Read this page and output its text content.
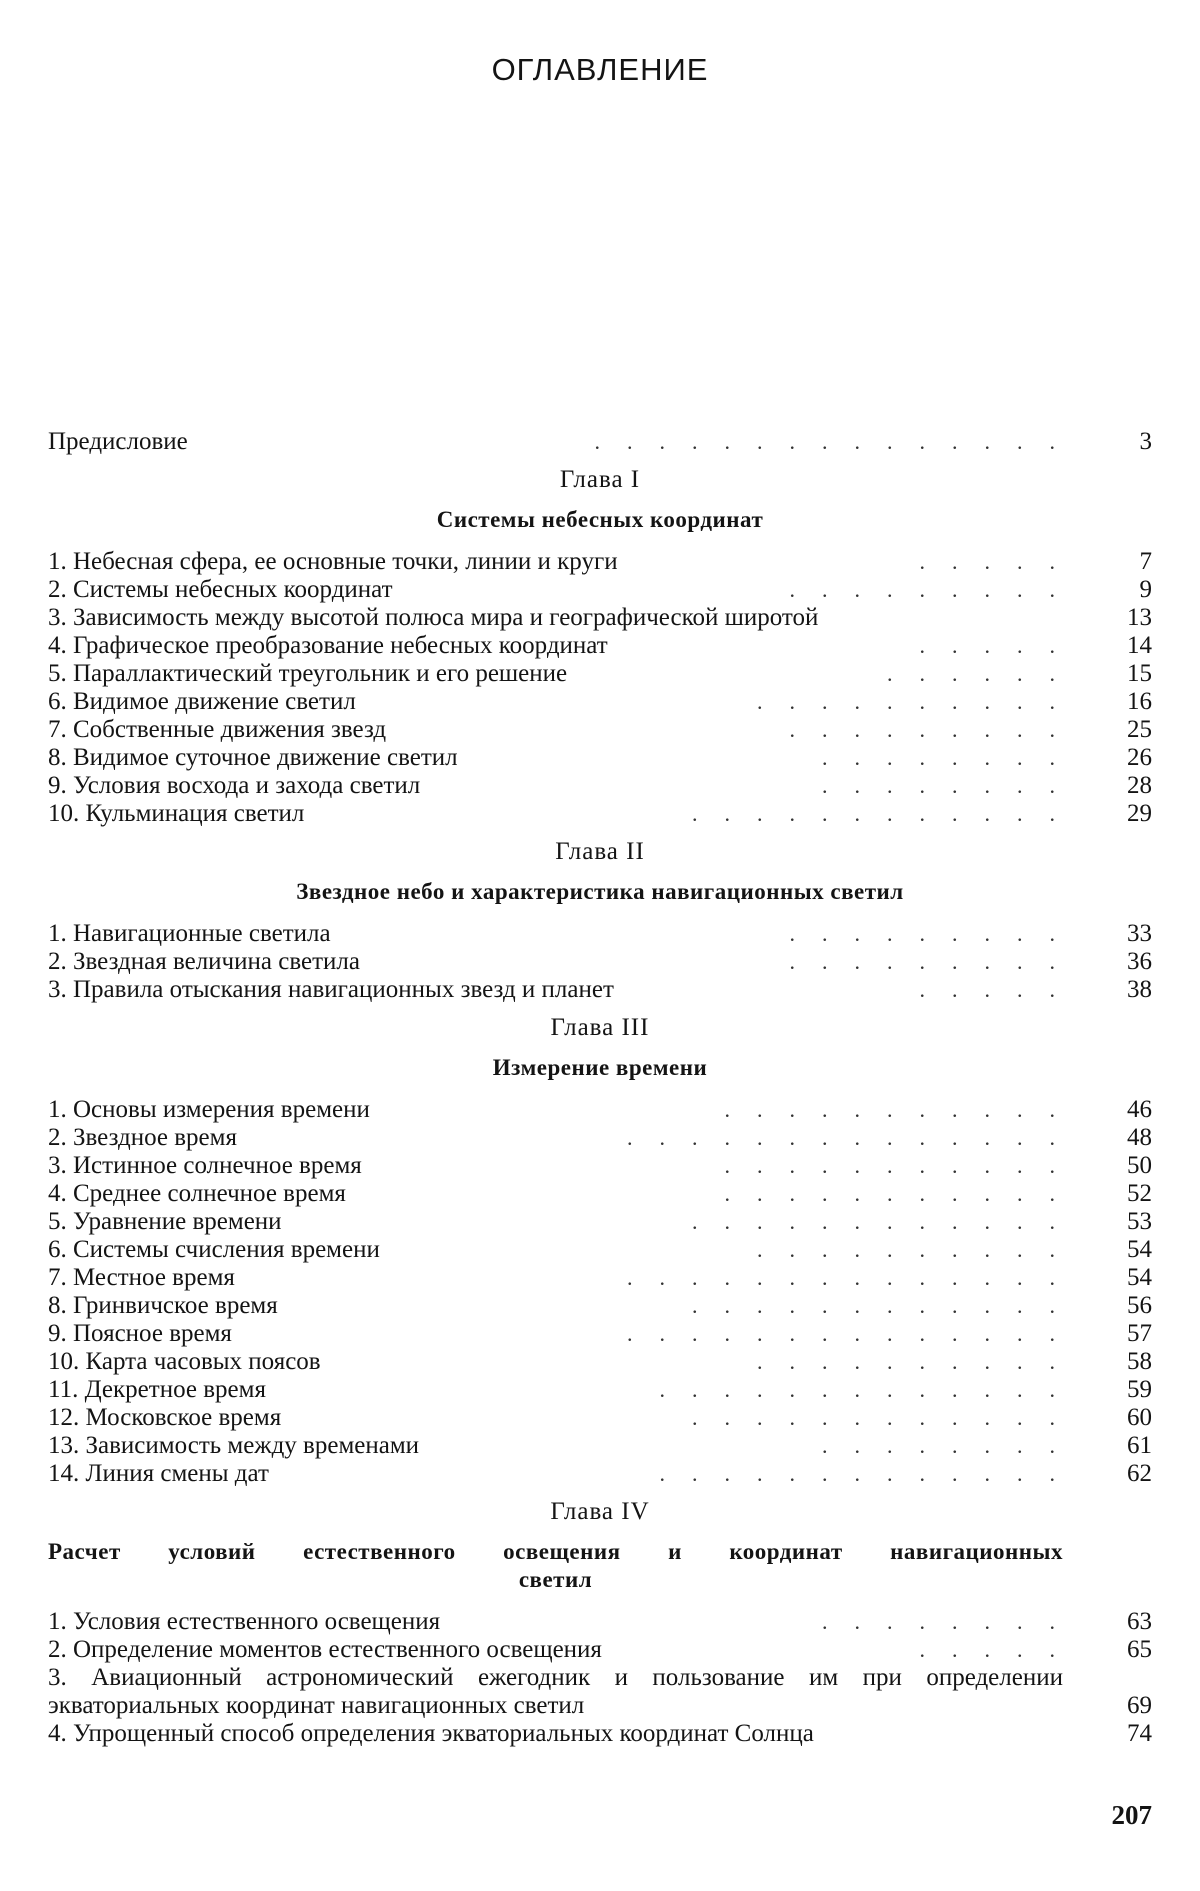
ОГЛАВЛЕНИЕ
Предисловие	...............	3
Глава I
Системы небесных координат
1. Небесная сфера, ее основные точки, линии и круги	.....	7
2. Системы небесных координат	.........	9
3. Зависимость между высотой полюса мира и географической широтой	13
4. Графическое преобразование небесных координат	.....	14
5. Параллактический треугольник и его решение	......	15
6. Видимое движение светил	..........	16
7. Собственные движения звезд	.........	25
8. Видимое суточное движение светил	........	26
9. Условия восхода и захода светил	........	28
10. Кульминация светил	............	29
Глава II
Звездное небо и характеристика навигационных светил
1. Навигационные светила	.........	33
2. Звездная величина светила	.........	36
3. Правила отыскания навигационных звезд и планет	.....	38
Глава III
Измерение времени
1. Основы измерения времени	...........	46
2. Звездное время	..............	48
3. Истинное солнечное время	...........	50
4. Среднее солнечное время	...........	52
5. Уравнение времени	............	53
6. Системы счисления времени	..........	54
7. Местное время	..............	54
8. Гринвичское время	............	56
9. Поясное время	..............	57
10. Карта часовых поясов	..........	58
11. Декретное время	.............	59
12. Московское время	............	60
13. Зависимость между временами	........	61
14. Линия смены дат	.............	62
Глава IV
Расчет условий естественного освещения и координат навигационных
светил
1. Условия естественного освещения	........	63
2. Определение моментов естественного освещения	.....	65
3. Авиационный астрономический ежегодник и пользование им при определении экваториальных координат навигационных светил	69
4. Упрощенный способ определения экваториальных координат Солнца	74
207
